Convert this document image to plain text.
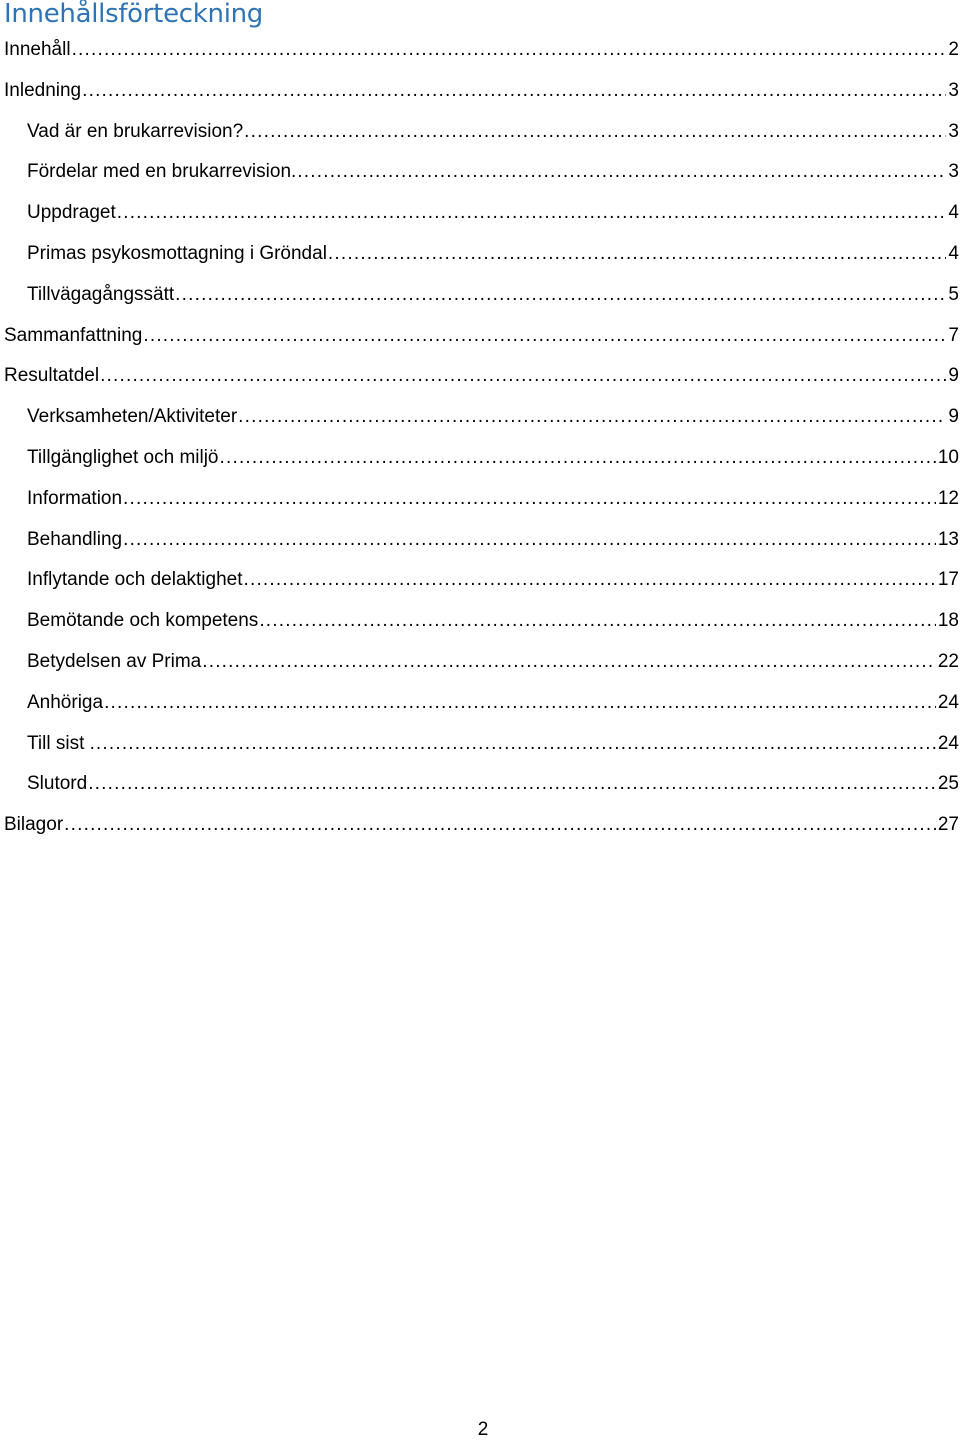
Innehållsförteckning
Innehåll .....	2
Inledning .....	3
Vad är en brukarrevision? .....	3
Fördelar med en brukarrevision. .....	3
Uppdraget .....	4
Primas psykosmottagning i Gröndal .....	4
Tillvägagångssätt .....	5
Sammanfattning .....	7
Resultatdel .....	9
Verksamheten/Aktiviteter .....	9
Tillgänglighet och miljö .....	10
Information .....	12
Behandling .....	13
Inflytande och delaktighet .....	17
Bemötande och kompetens .....	18
Betydelsen av Prima .....	22
Anhöriga .....	24
Till sist . .....	24
Slutord .....	25
Bilagor .....	27

2
